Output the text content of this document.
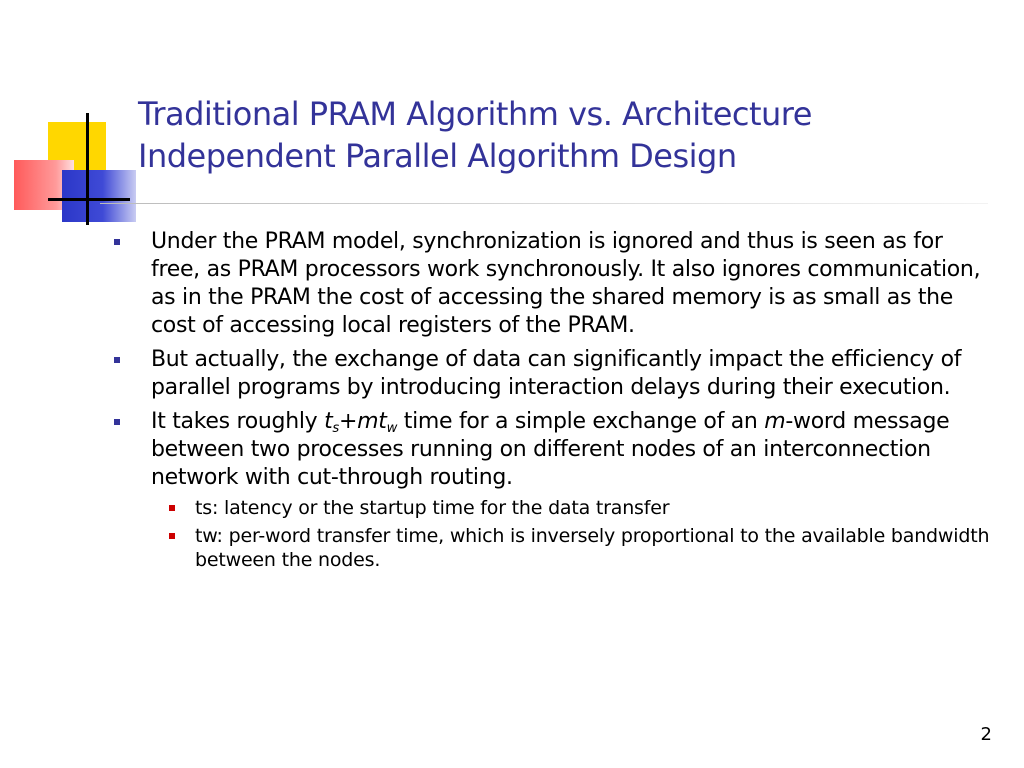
Traditional PRAM Algorithm vs. Architecture
Independent Parallel Algorithm Design
Under the PRAM model, synchronization is ignored and thus is seen as for free, as PRAM processors work synchronously. It also ignores communication, as in the PRAM the cost of accessing the shared memory is as small as the cost of accessing local registers of the PRAM.
But actually, the exchange of data can significantly impact the efficiency of parallel programs by introducing interaction delays during their execution.
It takes roughly $t_s+mt_w$ time for a simple exchange of an m-word message between two processes running on different nodes of an interconnection network with cut-through routing.
ts: latency or the startup time for the data transfer
tw: per-word transfer time, which is inversely proportional to the available bandwidth between the nodes.
2
